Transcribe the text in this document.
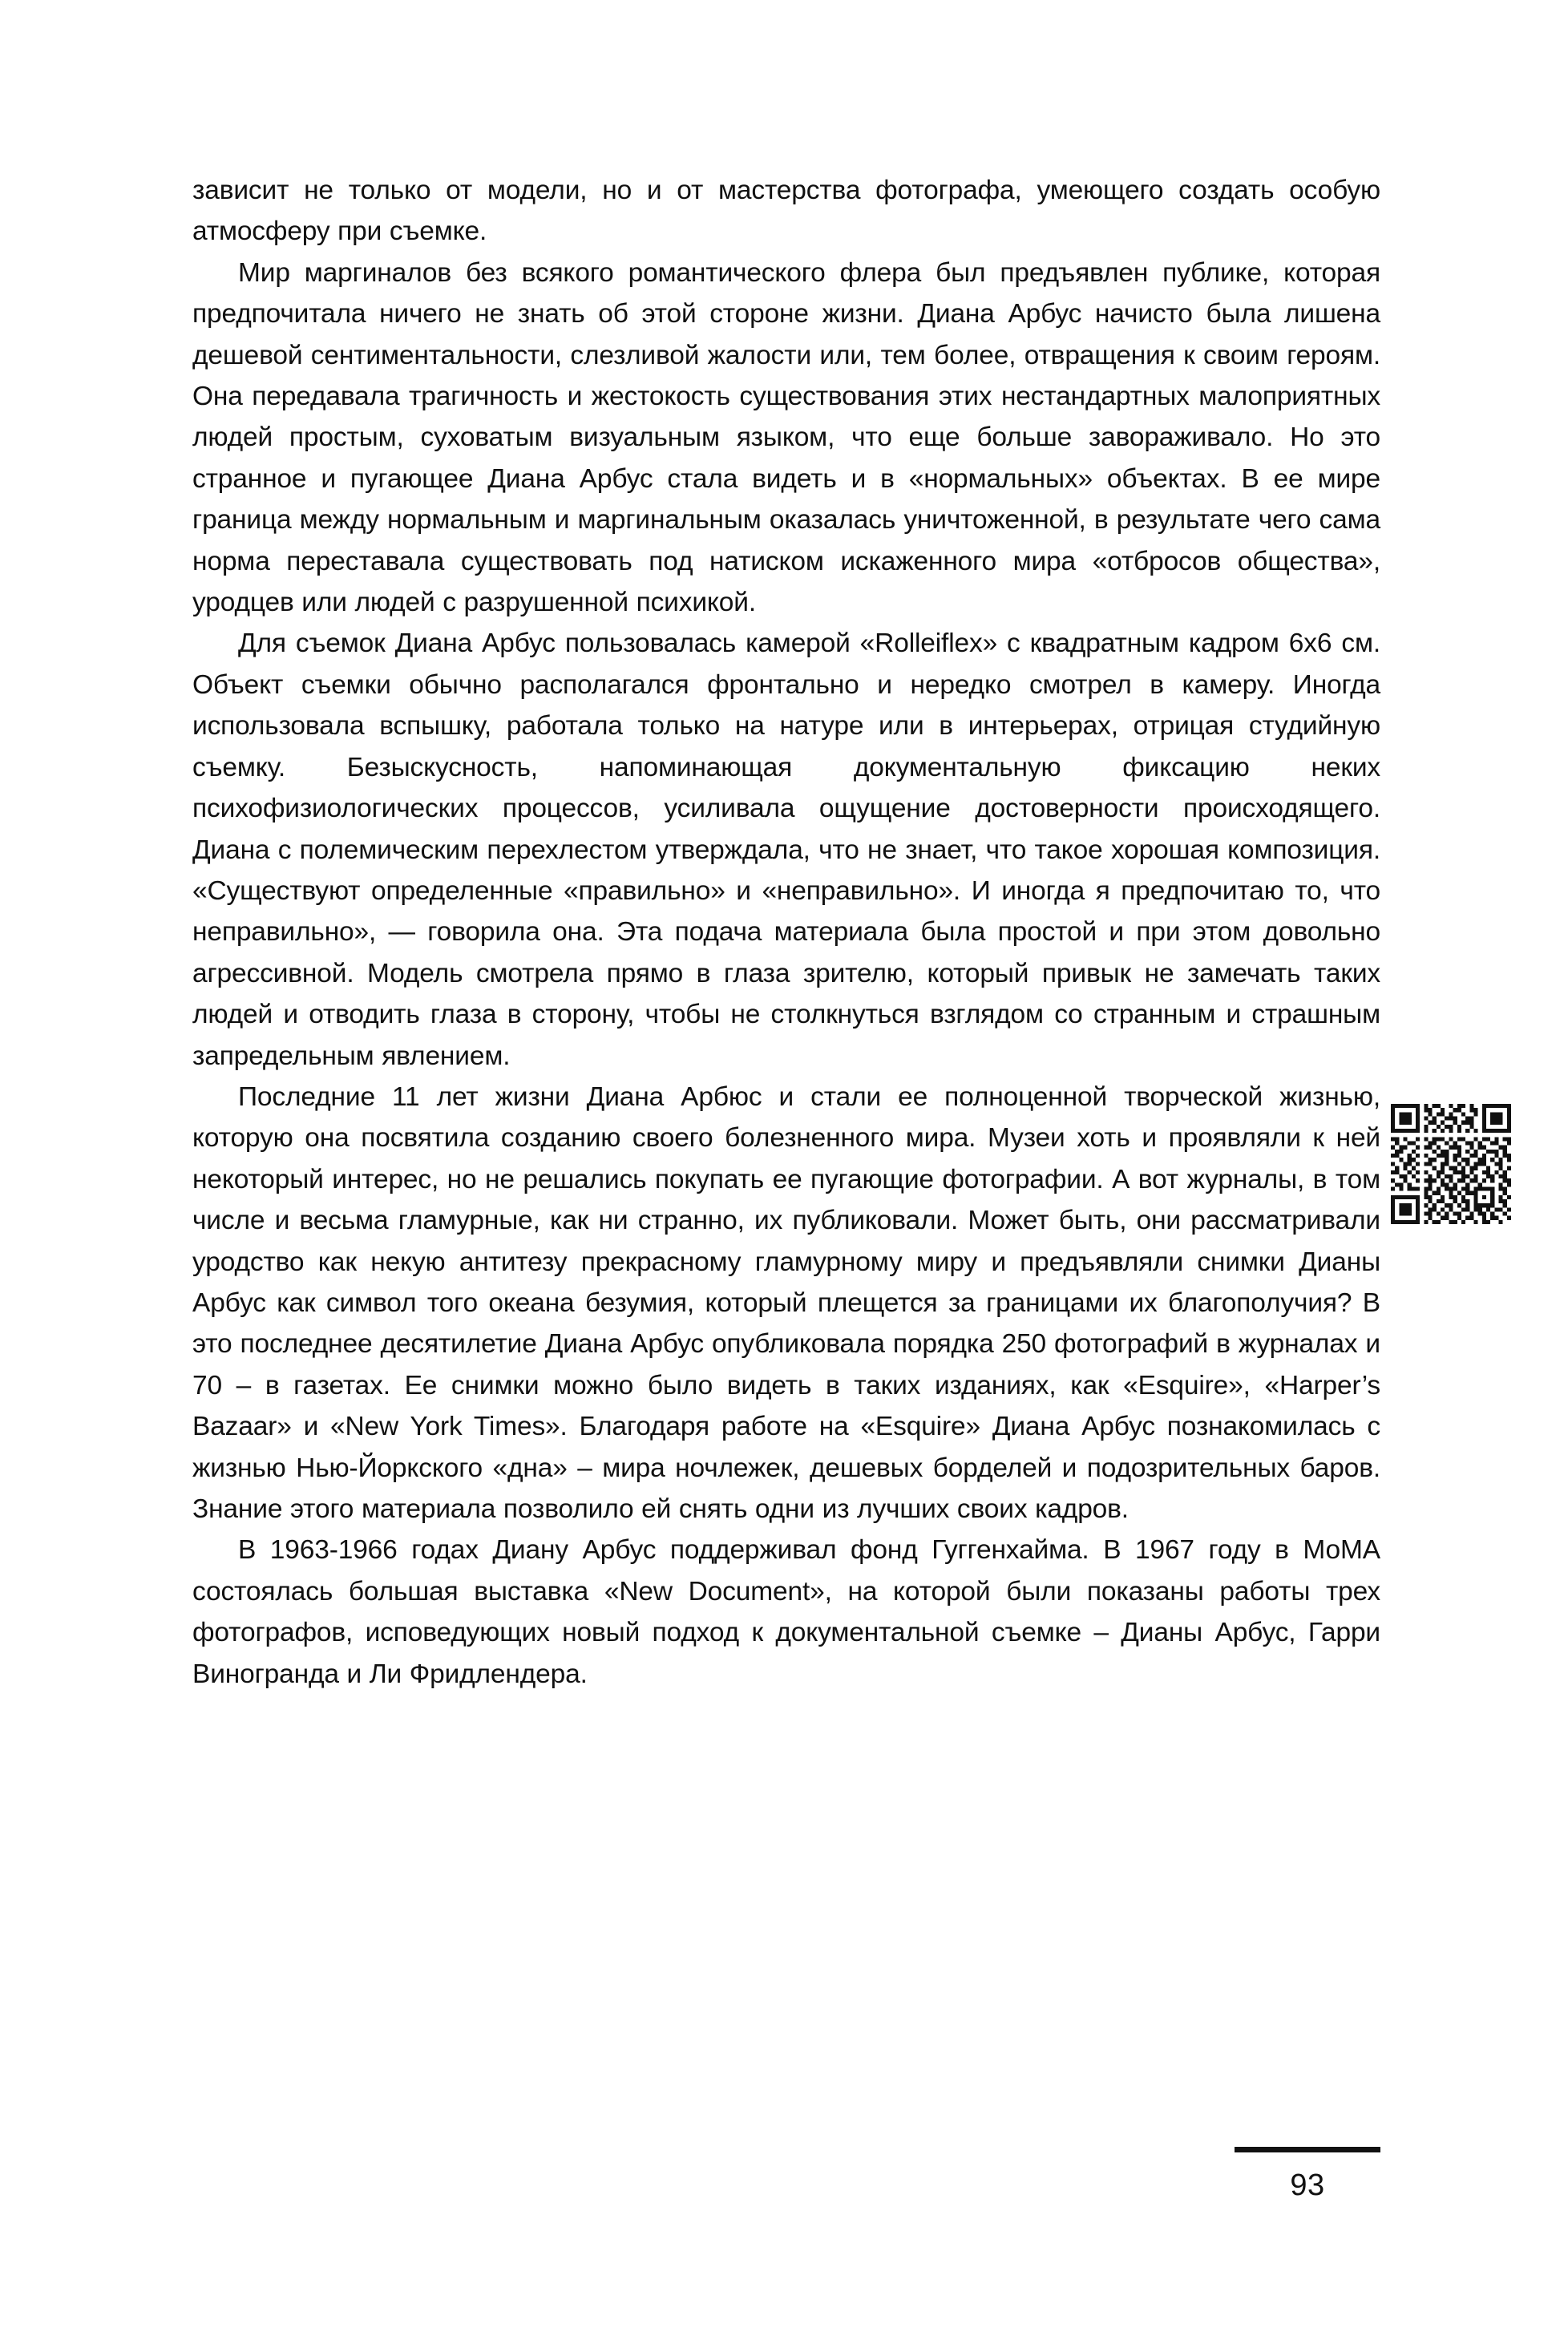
зависит не только от модели, но и от мастерства фотографа, умеющего создать особую атмосферу при съемке.

Мир маргиналов без всякого романтического флера был предъявлен публике, которая предпочитала ничего не знать об этой стороне жизни. Диана Арбус начисто была лишена дешевой сентиментальности, слезливой жалости или, тем более, отвращения к своим героям. Она передавала трагичность и жестокость существования этих нестандартных малоприятных людей простым, суховатым визуальным языком, что еще больше завораживало. Но это странное и пугающее Диана Арбус стала видеть и в «нормальных» объектах. В ее мире граница между нормальным и маргинальным оказалась уничтоженной, в результате чего сама норма переставала существовать под натиском искаженного мира «отбросов общества», уродцев или людей с разрушенной психикой.

Для съемок Диана Арбус пользовалась камерой «Rolleiflex» с квадратным кадром 6х6 см. Объект съемки обычно располагался фронтально и нередко смотрел в камеру. Иногда использовала вспышку, работала только на натуре или в интерьерах, отрицая студийную съемку. Безыскусность, напоминающая документальную фиксацию неких психофизиологических процессов, усиливала ощущение достоверности происходящего. Диана с полемическим перехлестом утверждала, что не знает, что такое хорошая композиция. «Существуют определенные «правильно» и «неправильно». И иногда я предпочитаю то, что неправильно», — говорила она. Эта подача материала была простой и при этом довольно агрессивной. Модель смотрела прямо в глаза зрителю, который привык не замечать таких людей и отводить глаза в сторону, чтобы не столкнуться взглядом со странным и страшным запредельным явлением.

Последние 11 лет жизни Диана Арбюс и стали ее полноценной творческой жизнью, которую она посвятила созданию своего болезненного мира. Музеи хоть и проявляли к ней некоторый интерес, но не решались покупать ее пугающие фотографии. А вот журналы, в том числе и весьма гламурные, как ни странно, их публиковали. Может быть, они рассматривали уродство как некую антитезу прекрасному гламурному миру и предъявляли снимки Дианы Арбус как символ того океана безумия, который плещется за границами их благополучия? В это последнее десятилетие Диана Арбус опубликовала порядка 250 фотографий в журналах и 70 – в газетах. Ее снимки можно было видеть в таких изданиях, как «Esquire», «Harper’s Bazaar» и «New York Times». Благодаря работе на «Esquire» Диана Арбус познакомилась с жизнью Нью-Йоркского «дна» – мира ночлежек, дешевых борделей и подозрительных баров. Знание этого материала позволило ей снять одни из лучших своих кадров.

В 1963-1966 годах Диану Арбус поддерживал фонд Гуггенхайма. В 1967 году в МоМА состоялась большая выставка «New Document», на которой были показаны работы трех фотографов, исповедующих новый подход к документальной съемке – Дианы Арбус, Гарри Виногранда и Ли Фридлендера.

93
